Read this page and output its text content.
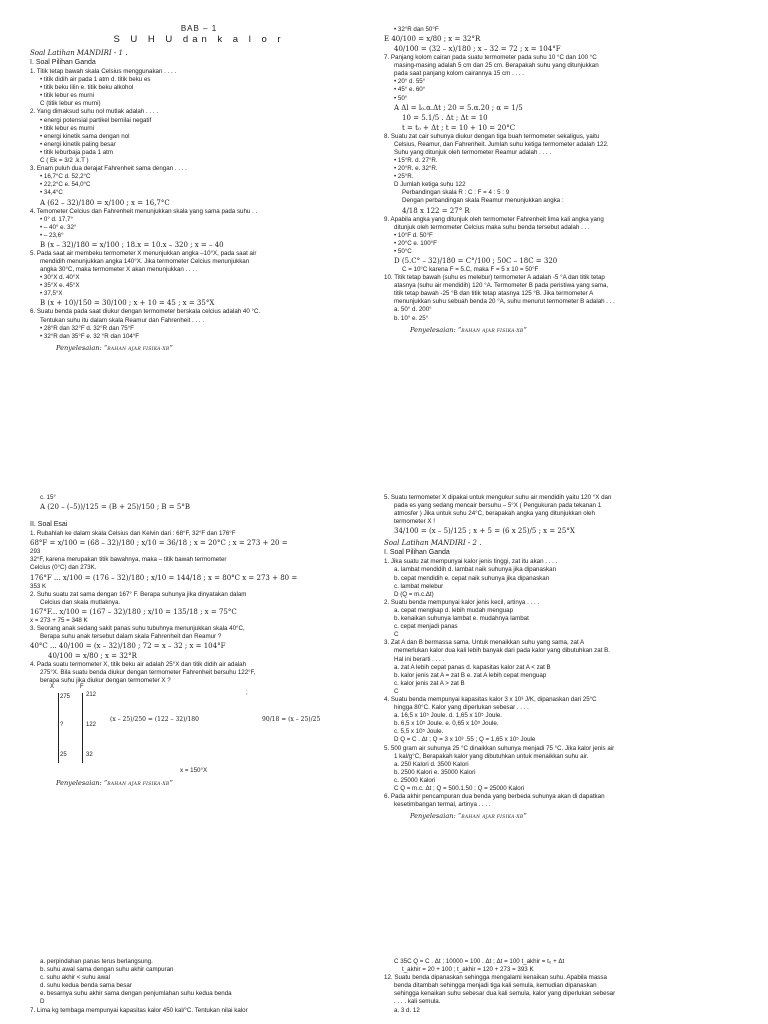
BAB – 1
S U H U dan k a l o r
Soal Latihan MANDIRI - 1 .
I. Soal Pilihan Ganda
1. Titik tetap bawah skala Celsius menggunakan . . . .
• titik didih air pada 1 atm d. titik beku es
• titik beku lilin e. titik beku alkohol
• titik lebur es murni
C (titik lebur es murni)
2. Yang dimaksud suhu nol mutlak adalah . . . .
• energi potensial partikel bernilai negatif
• titik lebur es murni
• energi kinetik sama dengan nol
• energi kinetik paling besar
• titik leburbaja pada 1 atm
C ( Ek = 3/2 .k.T )
3. Enam puluh dua derajat Fahrenheit sama dengan . . . .
• 16,7°C d. 52,2°C
• 22,2°C e. 54,0°C
• 34,4°C
A (62 – 32)/180 = x/100 ; x = 16,7°C
4. Temometer Celcius dan Fahrenheit menunjukkan skala yang sama pada suhu . .
• 0° d. 17,7°
• – 40° e. 32°
• – 23,6°
B (x – 32)/180 = x/100 ; 18.x = 10.x – 320 ; x = – 40
5. Pada saat air membeku termometer X menunjukkan angka –10°X, pada saat air
mendidih menunjukkan angka 140°X. Jika termometer Celcius menunjukkan
angka 30°C, maka termometer X akan menunjukkan . . . .
• 30°X d. 40°X
• 35°X e. 45°X
• 37,5°X
B (x + 10)/150 = 30/100 ; x + 10 = 45 ; x = 35°X
6. Suatu benda pada saat diukur dengan termometer berskala celcius adalah 40 °C.
Tentukan suhu itu dalam skala Reamur dan Fahrenheit . . . .
• 28°R dan 32°F d. 32°R dan 75°F
• 32°R dan 35°F e. 32 °R dan 104°F
Penyelesaian: “BAHAN AJAR FISIKA-XB”
• 32°R dan 50°F
E 40/100 = x/80 ; x = 32°R
40/100 = (32 – x)/180 ; x – 32 = 72 ; x = 104°F
7. Panjang kolom cairan pada suatu termometer pada suhu 10 °C dan 100 °C
masing-masing adalah 5 cm dan 25 cm. Berapakah suhu yang ditunjukkan
pada saat panjang kolom cairannya 15 cm . . . .
• 20° d. 55°
• 45° e. 60°
• 50°
A Δl = l₀.α.Δt ; 20 = 5.α.20 ; α = 1/5
10 = 5.1/5 . Δt ; Δt = 10
t = t₀ + Δt ; t = 10 + 10 = 20°C
8. Suatu zat cair suhunya diukur dengan tiga buah termometer sekaligus, yaitu
Celsius, Reamur, dan Fahrenheit. Jumlah suhu ketiga termometer adalah 122.
Suhu yang ditunjuk oleh termometer Reamur adalah . . . .
• 15°R. d. 27°R.
• 20°R. e. 32°R.
• 25°R.
D Jumlah ketiga suhu 122
Perbandingan skala R : C : F = 4 : 5 : 9
Dengan perbandingan skala Reamur menunjukkan angka :
4/18 x 122 = 27° R
9. Apabila angka yang ditunjuk oleh termometer Fahrenheit lima kali angka yang
ditunjuk oleh termometer Celcius maka suhu benda tersebut adalah . . .
• 10°F d. 50°F
• 20°C e. 100°F
• 50°C
D (5.C° – 32)/180 = C°/100 ; 50C – 18C = 320
C = 10°C karena F = 5.C, maka F = 5 x 10 = 50°F
10. Titik tetap bawah (suhu es melebur) termometer A adalah -5 °A dan titik tetap
atasnya (suhu air mendidih) 120 °A. Termometer B pada peristiwa yang sama,
titik tetap bawah -25 °B dan titik tetap atasnya 125 °B. Jika termometer A
menunjukkan suhu sebuah benda 20 °A, suhu menurut termometer B adalah . . .
a. 50° d. 200°
b. 10° e. 25°
Penyelesaian: “BAHAN AJAR FISIKA-XB”
c. 15°
A (20 – (–5))/125 = (B + 25)/150 ; B = 5°B

II. Soal Esai
1. Rubahlah ke dalam skala Celsius dan Kelvin dari : 68°F, 32°F dan 176°F
68°F = x/100 = (68 – 32)/180 ; x/10 = 36/18 ; x = 20°C ; x = 273 + 20 =
293
32°F, karena merupakan titik bawahnya, maka – titik bawah termometer
Celcius (0°C) dan 273K.
176°F ... x/100 = (176 – 32)/180 ; x/10 = 144/18 ; x = 80°C x = 273 + 80 =
353 K
2. Suhu suatu zat sama dengan 167° F. Berapa suhunya jika dinyatakan dalam
Celcius dan skala mutlaknya.
167°F... x/100 = (167 – 32)/180 ; x/10 = 135/18 ; x = 75°C
x = 273 + 75 = 348 K
3. Seorang anak sedang sakit panas suhu tubuhnya menunjukkan skala 40°C,
Berapa suhu anak tersebut dalam skala Fahrenheit dan Reamur ?
40°C ... 40/100 = (x – 32)/180 ; 72 = x – 32 ; x = 104°F
40/100 = x/80 ; x = 32°R
4. Pada suatu termometer X, titik beku air adalah 25°X dan titik didih air adalah
275°X. Bila suatu benda diukur dengan termometer Fahrenheit bersuhu 122°F,
berapa suhu jika diukur dengan termometer X ?
X	F
275
?
25
212
122
32
(x – 25)/250 = (122 – 32)/180	90/18 = (x – 25)/25
;
x = 150°X
Penyelesaian: “BAHAN AJAR FISIKA-XB”
5. Suatu termometer X dipakai untuk mengukur suhu air mendidih yaitu 120 °X dan
pada es yang sedang mencair bersuhu – 5°X ( Pengukuran pada tekanan 1
atmosfer ) Jika untuk suhu 24°C, berapakah angka yang ditunjukkan oleh
termometer X !
34/100 = (x – 5)/125 ; x + 5 = (6 x 25)/5 ; x = 25°X
Soal Latihan MANDIRI - 2 .
I. Soal Pilihan Ganda
1. Jika suatu zat mempunyai kalor jenis tinggi, zat itu akan . . . .
a. lambat mendidih d. lambat naik suhunya jika dipanaskan
b. cepat mendidih e. cepat naik suhunya jika dipanaskan
c. lambat melebur
D (Q = m.c.Δt)
2. Suatu benda mempunyai kalor jenis kecil, artinya . . . .
a. cepat mengkap d. lebih mudah menguap
b. kenaikan suhunya lambat e. mudahnya lambat
c. cepat menjadi panas
C
3. Zat A dan B bermassa sama. Untuk menaikkan suhu yang sama, zat A
memerlukan kalor dua kali lebih banyak dari pada kalor yang dibutuhkan zat B.
Hal ini berarti . . . .
a. zat A lebih cepat panas d. kapasitas kalor zat A < zat B
b. kalor jenis zat A = zat B e. zat A lebih cepat menguap
c. kalor jenis zat A > zat B
C
4. Suatu benda mempunyai kapasitas kalor 3 x 10³ J/K, dipanaskan dari 25°C
hingga 80°C. Kalor yang diperlukan sebesar . . . .
a. 16,5 x 10⁵ Joule. d. 1,65 x 10⁵ Joule.
b. 6,5 x 10⁵ Joule. e. 0,65 x 10⁵ Joule.
c. 5,5 x 10⁵ Joule.
D Q = C . Δt ; Q = 3 x 10³ .55 ; Q = 1,65 x 10⁵ Joule
5. 500 gram air suhunya 25 °C dinaikkan suhunya menjadi 75 °C. Jika kalor jenis air
1 kal/g°C, Berapakah kalor yang dibutuhkan untuk menaikkan suhu air.
a. 250 Kalori d. 3500 Kalori
b. 2500 Kalori e. 35000 Kalori
c. 25000 Kalori
C Q = m.c. Δt ; Q = 500.1.50 ; Q = 25000 Kalori
6. Pada akhir pencampuran dua benda yang berbeda suhunya akan di dapatkan
kesetimbangan termal, artinya . . . .
Penyelesaian: “BAHAN AJAR FISIKA-XB”
a. perpindahan panas terus berlangsung.
b. suhu awal sama dengan suhu akhir campuran
c. suhu akhir < suhu awal
d. suhu kedua benda sama besar
e. besarnya suhu akhir sama dengan penjumlahan suhu kedua benda
D
7. Lima kg tembaga mempunyai kapasitas kalor 450 kal/°C. Tentukan nilai kalor
C 35C Q = C . Δt ; 10000 = 100 . Δt ; Δt = 100 t_akhir = t₀ + Δt
t_akhir = 20 + 100 ; t_akhir = 120 + 273 = 393 K
12. Suatu benda dipanaskan sehingga mengalami kenaikan suhu. Apabila massa
benda ditambah sehingga menjadi tiga kali semula, kemudian dipanaskan
sehingga kenaikan suhu sebesar dua kali semula, kalor yang diperlukan sebesar
. . . . kali semula.
a. 3 d. 12
